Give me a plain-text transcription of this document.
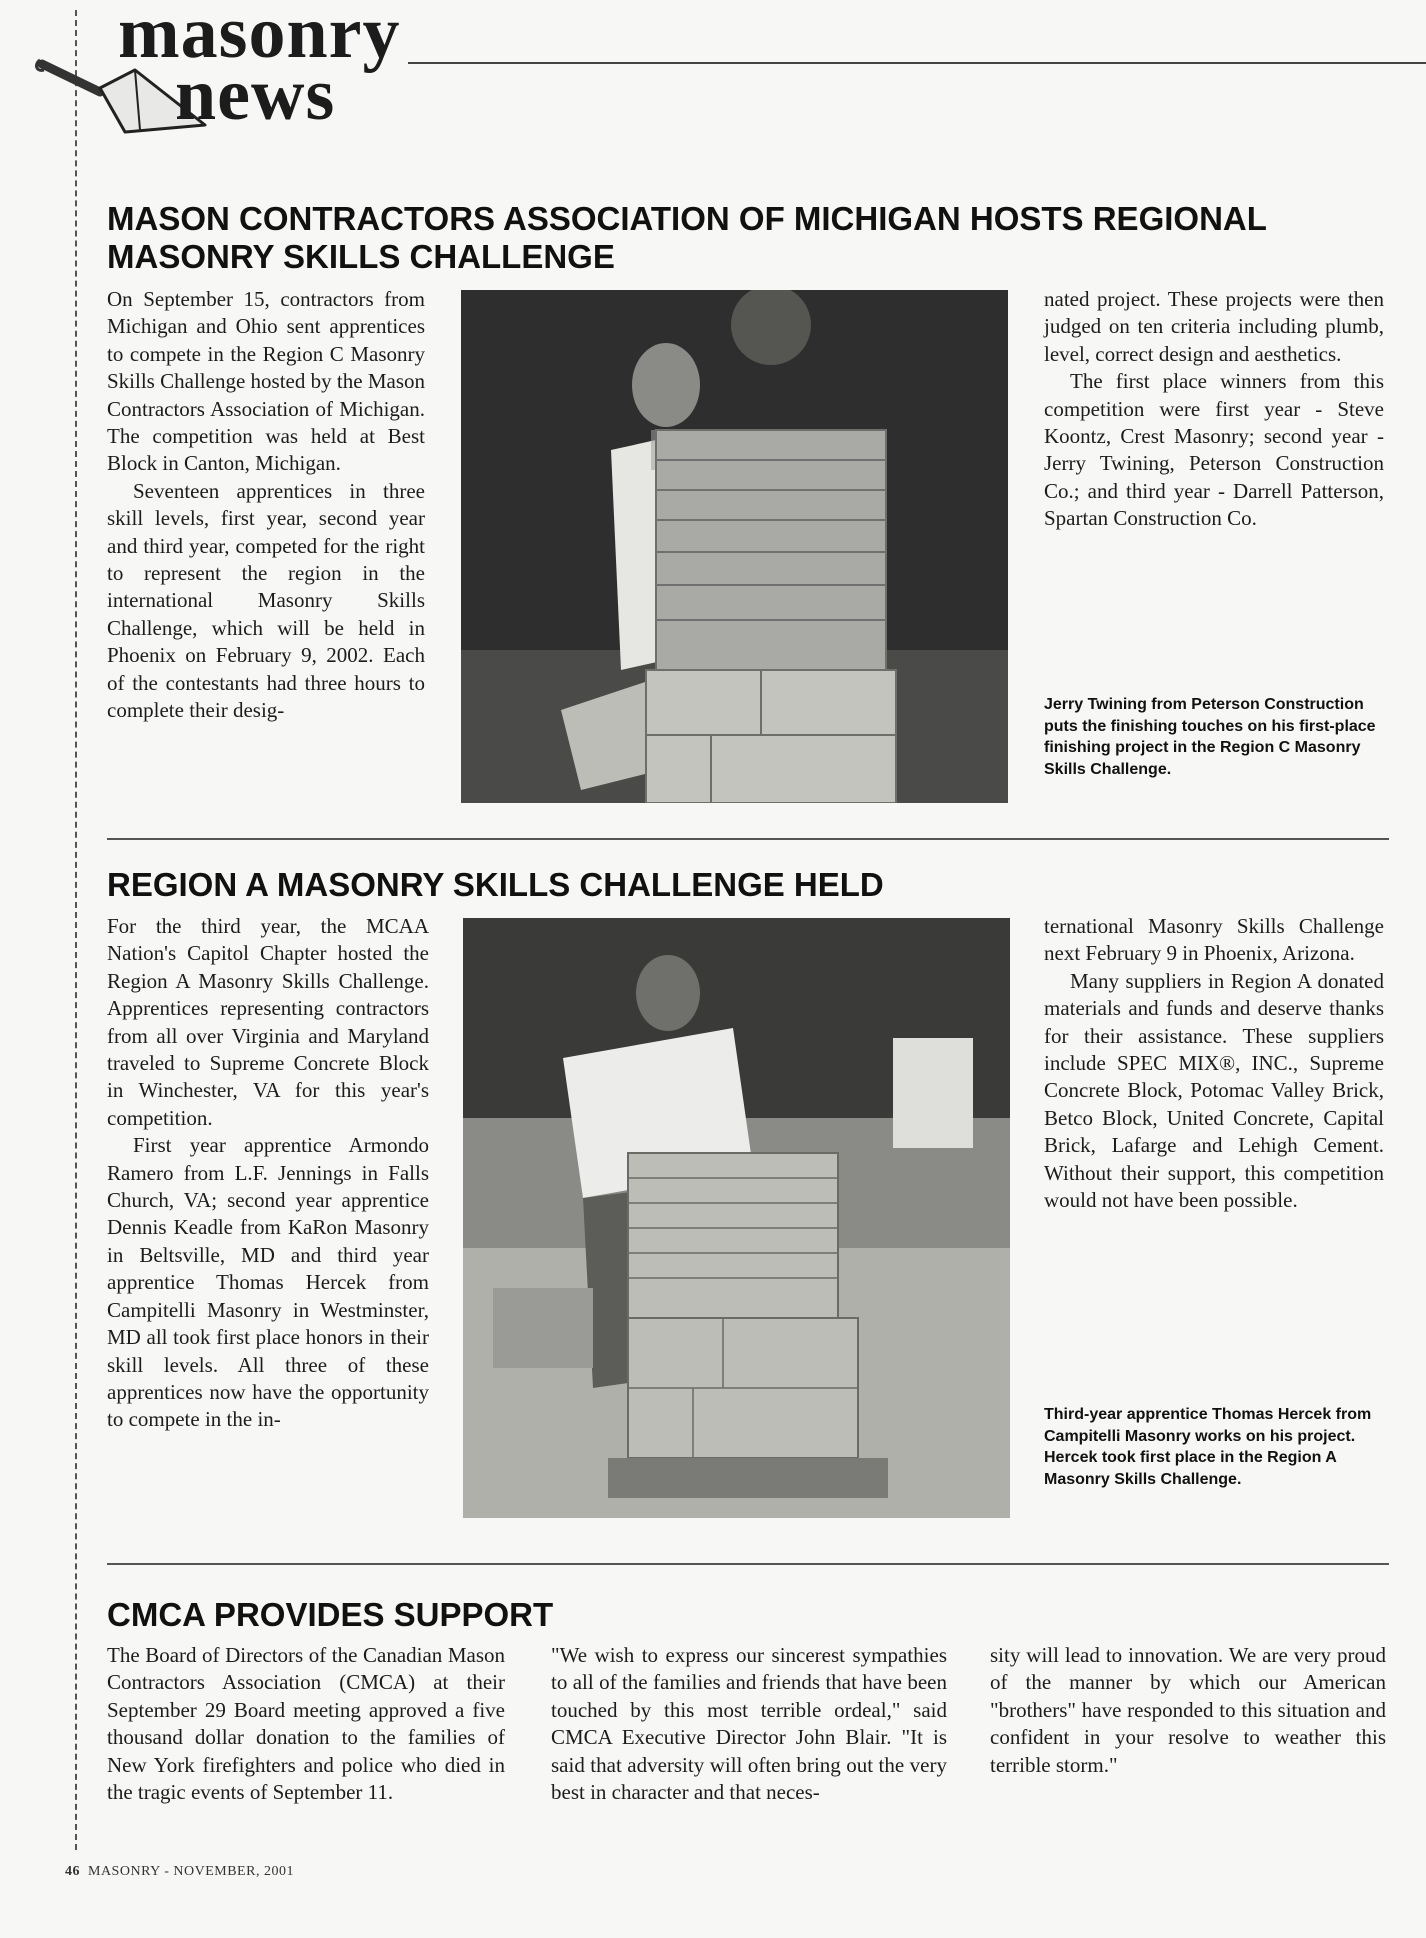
masonry
news
MASON CONTRACTORS ASSOCIATION OF MICHIGAN HOSTS REGIONAL MASONRY SKILLS CHALLENGE

On September 15, contractors from Michigan and Ohio sent apprentices to compete in the Region C Masonry Skills Challenge hosted by the Mason Contractors Association of Michigan. The competition was held at Best Block in Canton, Michigan.

Seventeen apprentices in three skill levels, first year, second year and third year, competed for the right to represent the region in the international Masonry Skills Challenge, which will be held in Phoenix on February 9, 2002. Each of the contestants had three hours to complete their desig-

nated project. These projects were then judged on ten criteria including plumb, level, correct design and aesthetics.

The first place winners from this competition were first year - Steve Koontz, Crest Masonry; second year - Jerry Twining, Peterson Construction Co.; and third year - Darrell Patterson, Spartan Construction Co.

Jerry Twining from Peterson Construction puts the finishing touches on his first-place finishing project in the Region C Masonry Skills Challenge.
REGION A MASONRY SKILLS CHALLENGE HELD

For the third year, the MCAA Nation's Capitol Chapter hosted the Region A Masonry Skills Challenge. Apprentices representing contractors from all over Virginia and Maryland traveled to Supreme Concrete Block in Winchester, VA for this year's competition.

First year apprentice Armondo Ramero from L.F. Jennings in Falls Church, VA; second year apprentice Dennis Keadle from KaRon Masonry in Beltsville, MD and third year apprentice Thomas Hercek from Campitelli Masonry in Westminster, MD all took first place honors in their skill levels. All three of these apprentices now have the opportunity to compete in the in-

ternational Masonry Skills Challenge next February 9 in Phoenix, Arizona.

Many suppliers in Region A donated materials and funds and deserve thanks for their assistance. These suppliers include SPEC MIX®, INC., Supreme Concrete Block, Potomac Valley Brick, Betco Block, United Concrete, Capital Brick, Lafarge and Lehigh Cement. Without their support, this competition would not have been possible.

Third-year apprentice Thomas Hercek from Campitelli Masonry works on his project. Hercek took first place in the Region A Masonry Skills Challenge.
CMCA PROVIDES SUPPORT

The Board of Directors of the Canadian Mason Contractors Association (CMCA) at their September 29 Board meeting approved a five thousand dollar donation to the families of New York firefighters and police who died in the tragic events of September 11.

"We wish to express our sincerest sympathies to all of the families and friends that have been touched by this most terrible ordeal," said CMCA Executive Director John Blair. "It is said that adversity will often bring out the very best in character and that neces-

sity will lead to innovation. We are very proud of the manner by which our American "brothers" have responded to this situation and confident in your resolve to weather this terrible storm."

46 MASONRY - NOVEMBER, 2001
